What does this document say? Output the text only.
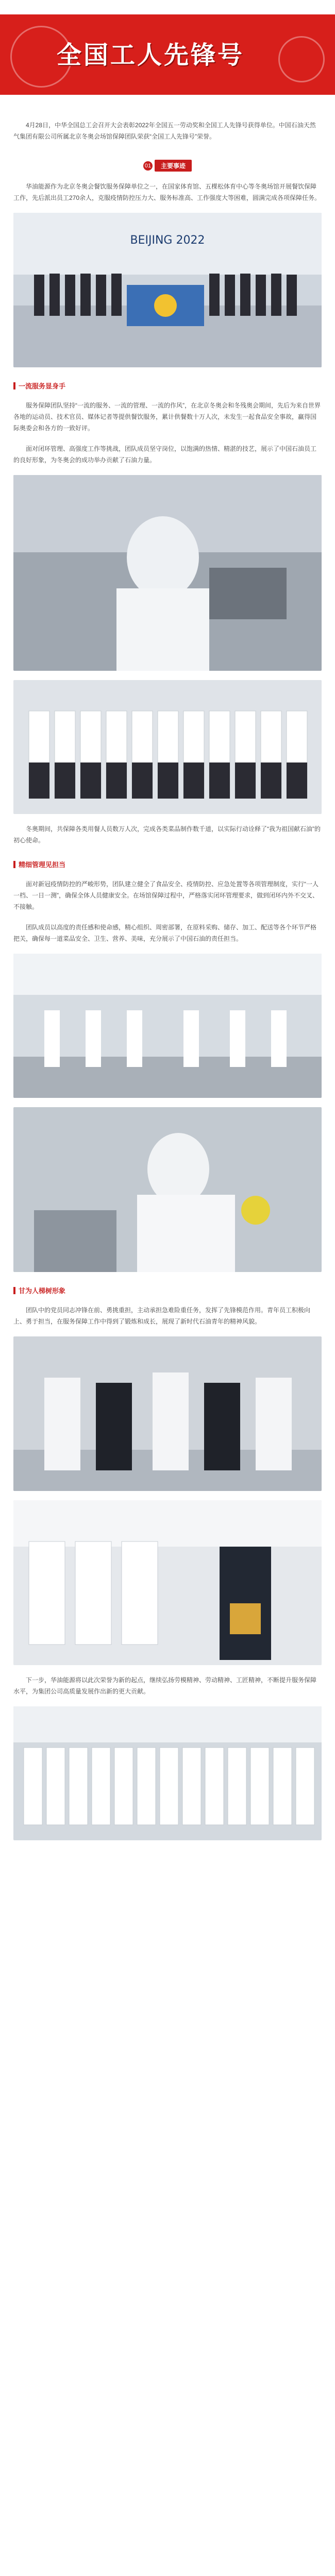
全国工人先锋号

4月28日，中华全国总工会召开大会表彰2022年全国五一劳动奖和全国工人先锋号获得单位。中国石油天然气集团有限公司所属北京冬奥会场馆保障团队荣获“全国工人先锋号”荣誉。

01	主要事迹

华油能源作为北京冬奥会餐饮服务保障单位之一，在国家体育馆、五棵松体育中心等冬奥场馆开展餐饮保障工作，先后派出员工270余人，克服疫情防控压力大、服务标准高、工作强度大等困难，圆满完成各项保障任务。

BEIJING 2022
一流服务显身手

服务保障团队坚持“一流的服务、一流的管理、一流的作风”，在北京冬奥会和冬残奥会期间，先后为来自世界各地的运动员、技术官员、媒体记者等提供餐饮服务，累计供餐数十万人次，未发生一起食品安全事故，赢得国际奥委会和各方的一致好评。

面对闭环管理、高强度工作等挑战，团队成员坚守岗位，以饱满的热情、精湛的技艺，展示了中国石油员工的良好形象，为冬奥会的成功举办贡献了石油力量。

冬奥期间，共保障各类用餐人员数万人次，完成各类菜品制作数千道，以实际行动诠释了“我为祖国献石油”的初心使命。

精细管理见担当

面对新冠疫情防控的严峻形势，团队建立健全了食品安全、疫情防控、应急处置等各项管理制度，实行“一人一档、一日一测”，确保全体人员健康安全。在场馆保障过程中，严格落实闭环管理要求，做到闭环内外不交叉、不接触。

团队成员以高度的责任感和使命感，精心组织、周密部署，在原料采购、储存、加工、配送等各个环节严格把关，确保每一道菜品安全、卫生、营养、美味，充分展示了中国石油的责任担当。

甘为人梯树形象

团队中的党员同志冲锋在前、勇挑重担，主动承担急难险重任务，发挥了先锋模范作用。青年员工积极向上、勇于担当，在服务保障工作中得到了锻炼和成长，展现了新时代石油青年的精神风貌。

下一步，华油能源将以此次荣誉为新的起点，继续弘扬劳模精神、劳动精神、工匠精神，不断提升服务保障水平，为集团公司高质量发展作出新的更大贡献。
